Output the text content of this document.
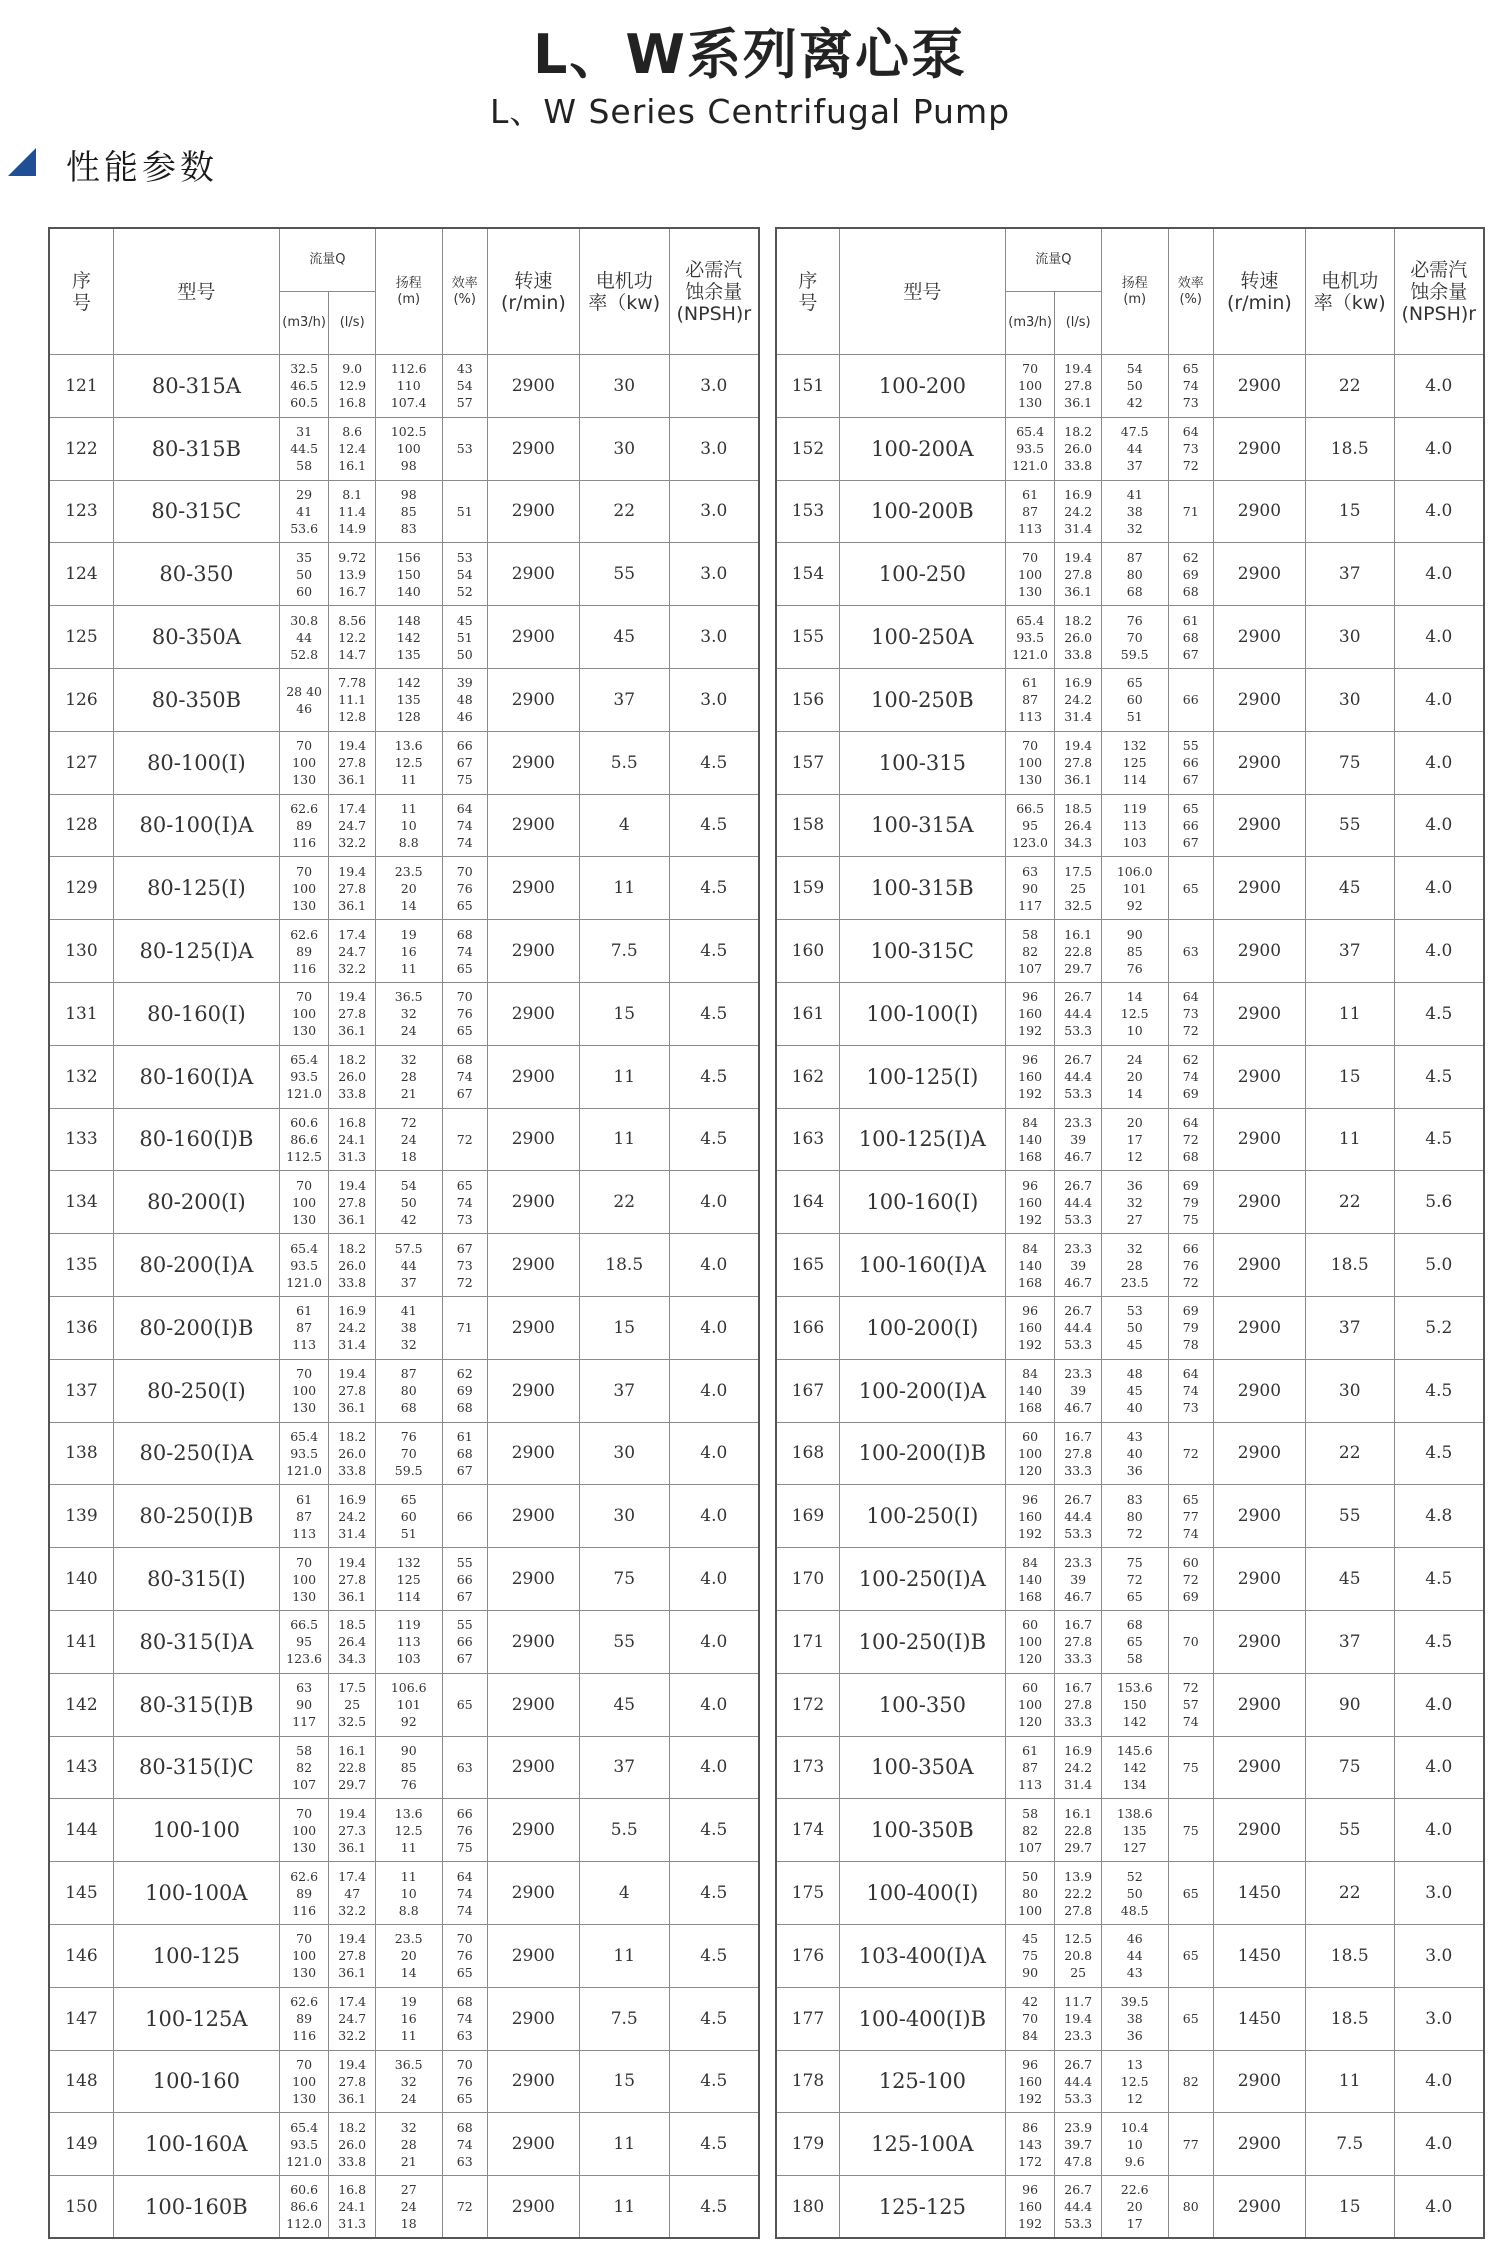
L、W系列离心泵
L、W Series Centrifugal Pump
性能参数
序号	型号	流量Q		扬程
(m)	效率
(%)	转速
(r/min)	电机功
率（kw)	必需汽
蚀余量
(NPSH)r
		(m3/h)	(l/s)					
121	80-315A	32.5
46.5
60.5	9.0
12.9
16.8	112.6
110
107.4	43
54
57	2900	30	3.0
122	80-315B	31
44.5
58	8.6
12.4
16.1	102.5
100
98	53	2900	30	3.0
123	80-315C	29
41
53.6	8.1
11.4
14.9	98
85
83	51	2900	22	3.0
124	80-350	35
50
60	9.72
13.9
16.7	156
150
140	53
54
52	2900	55	3.0
125	80-350A	30.8
44
52.8	8.56
12.2
14.7	148
142
135	45
51
50	2900	45	3.0
126	80-350B	28 40
46	7.78
11.1
12.8	142
135
128	39
48
46	2900	37	3.0
127	80-100(I)	70
100
130	19.4
27.8
36.1	13.6
12.5
11	66
67
75	2900	5.5	4.5
128	80-100(I)A	62.6
89
116	17.4
24.7
32.2	11
10
8.8	64
74
74	2900	4	4.5
129	80-125(I)	70
100
130	19.4
27.8
36.1	23.5
20
14	70
76
65	2900	11	4.5
130	80-125(I)A	62.6
89
116	17.4
24.7
32.2	19
16
11	68
74
65	2900	7.5	4.5
131	80-160(I)	70
100
130	19.4
27.8
36.1	36.5
32
24	70
76
65	2900	15	4.5
132	80-160(I)A	65.4
93.5
121.0	18.2
26.0
33.8	32
28
21	68
74
67	2900	11	4.5
133	80-160(I)B	60.6
86.6
112.5	16.8
24.1
31.3	72
24
18	72	2900	11	4.5
134	80-200(I)	70
100
130	19.4
27.8
36.1	54
50
42	65
74
73	2900	22	4.0
135	80-200(I)A	65.4
93.5
121.0	18.2
26.0
33.8	57.5
44
37	67
73
72	2900	18.5	4.0
136	80-200(I)B	61
87
113	16.9
24.2
31.4	41
38
32	71	2900	15	4.0
137	80-250(I)	70
100
130	19.4
27.8
36.1	87
80
68	62
69
68	2900	37	4.0
138	80-250(I)A	65.4
93.5
121.0	18.2
26.0
33.8	76
70
59.5	61
68
67	2900	30	4.0
139	80-250(I)B	61
87
113	16.9
24.2
31.4	65
60
51	66	2900	30	4.0
140	80-315(I)	70
100
130	19.4
27.8
36.1	132
125
114	55
66
67	2900	75	4.0
141	80-315(I)A	66.5
95
123.6	18.5
26.4
34.3	119
113
103	55
66
67	2900	55	4.0
142	80-315(I)B	63
90
117	17.5
25
32.5	106.6
101
92	65	2900	45	4.0
143	80-315(I)C	58
82
107	16.1
22.8
29.7	90
85
76	63	2900	37	4.0
144	100-100	70
100
130	19.4
27.3
36.1	13.6
12.5
11	66
76
75	2900	5.5	4.5
145	100-100A	62.6
89
116	17.4
47
32.2	11
10
8.8	64
74
74	2900	4	4.5
146	100-125	70
100
130	19.4
27.8
36.1	23.5
20
14	70
76
65	2900	11	4.5
147	100-125A	62.6
89
116	17.4
24.7
32.2	19
16
11	68
74
63	2900	7.5	4.5
148	100-160	70
100
130	19.4
27.8
36.1	36.5
32
24	70
76
65	2900	15	4.5
149	100-160A	65.4
93.5
121.0	18.2
26.0
33.8	32
28
21	68
74
63	2900	11	4.5
150	100-160B	60.6
86.6
112.0	16.8
24.1
31.3	27
24
18	72	2900	11	4.5
序号	型号	流量Q		扬程
(m)	效率
(%)	转速
(r/min)	电机功
率（kw)	必需汽
蚀余量
(NPSH)r
		(m3/h)	(l/s)					
151	100-200	70
100
130	19.4
27.8
36.1	54
50
42	65
74
73	2900	22	4.0
152	100-200A	65.4
93.5
121.0	18.2
26.0
33.8	47.5
44
37	64
73
72	2900	18.5	4.0
153	100-200B	61
87
113	16.9
24.2
31.4	41
38
32	71	2900	15	4.0
154	100-250	70
100
130	19.4
27.8
36.1	87
80
68	62
69
68	2900	37	4.0
155	100-250A	65.4
93.5
121.0	18.2
26.0
33.8	76
70
59.5	61
68
67	2900	30	4.0
156	100-250B	61
87
113	16.9
24.2
31.4	65
60
51	66	2900	30	4.0
157	100-315	70
100
130	19.4
27.8
36.1	132
125
114	55
66
67	2900	75	4.0
158	100-315A	66.5
95
123.0	18.5
26.4
34.3	119
113
103	65
66
67	2900	55	4.0
159	100-315B	63
90
117	17.5
25
32.5	106.0
101
92	65	2900	45	4.0
160	100-315C	58
82
107	16.1
22.8
29.7	90
85
76	63	2900	37	4.0
161	100-100(I)	96
160
192	26.7
44.4
53.3	14
12.5
10	64
73
72	2900	11	4.5
162	100-125(I)	96
160
192	26.7
44.4
53.3	24
20
14	62
74
69	2900	15	4.5
163	100-125(I)A	84
140
168	23.3
39
46.7	20
17
12	64
72
68	2900	11	4.5
164	100-160(I)	96
160
192	26.7
44.4
53.3	36
32
27	69
79
75	2900	22	5.6
165	100-160(I)A	84
140
168	23.3
39
46.7	32
28
23.5	66
76
72	2900	18.5	5.0
166	100-200(I)	96
160
192	26.7
44.4
53.3	53
50
45	69
79
78	2900	37	5.2
167	100-200(I)A	84
140
168	23.3
39
46.7	48
45
40	64
74
73	2900	30	4.5
168	100-200(I)B	60
100
120	16.7
27.8
33.3	43
40
36	72	2900	22	4.5
169	100-250(I)	96
160
192	26.7
44.4
53.3	83
80
72	65
77
74	2900	55	4.8
170	100-250(I)A	84
140
168	23.3
39
46.7	75
72
65	60
72
69	2900	45	4.5
171	100-250(I)B	60
100
120	16.7
27.8
33.3	68
65
58	70	2900	37	4.5
172	100-350	60
100
120	16.7
27.8
33.3	153.6
150
142	72
57
74	2900	90	4.0
173	100-350A	61
87
113	16.9
24.2
31.4	145.6
142
134	75	2900	75	4.0
174	100-350B	58
82
107	16.1
22.8
29.7	138.6
135
127	75	2900	55	4.0
175	100-400(I)	50
80
100	13.9
22.2
27.8	52
50
48.5	65	1450	22	3.0
176	103-400(I)A	45
75
90	12.5
20.8
25	46
44
43	65	1450	18.5	3.0
177	100-400(I)B	42
70
84	11.7
19.4
23.3	39.5
38
36	65	1450	18.5	3.0
178	125-100	96
160
192	26.7
44.4
53.3	13
12.5
12	82	2900	11	4.0
179	125-100A	86
143
172	23.9
39.7
47.8	10.4
10
9.6	77	2900	7.5	4.0
180	125-125	96
160
192	26.7
44.4
53.3	22.6
20
17	80	2900	15	4.0
